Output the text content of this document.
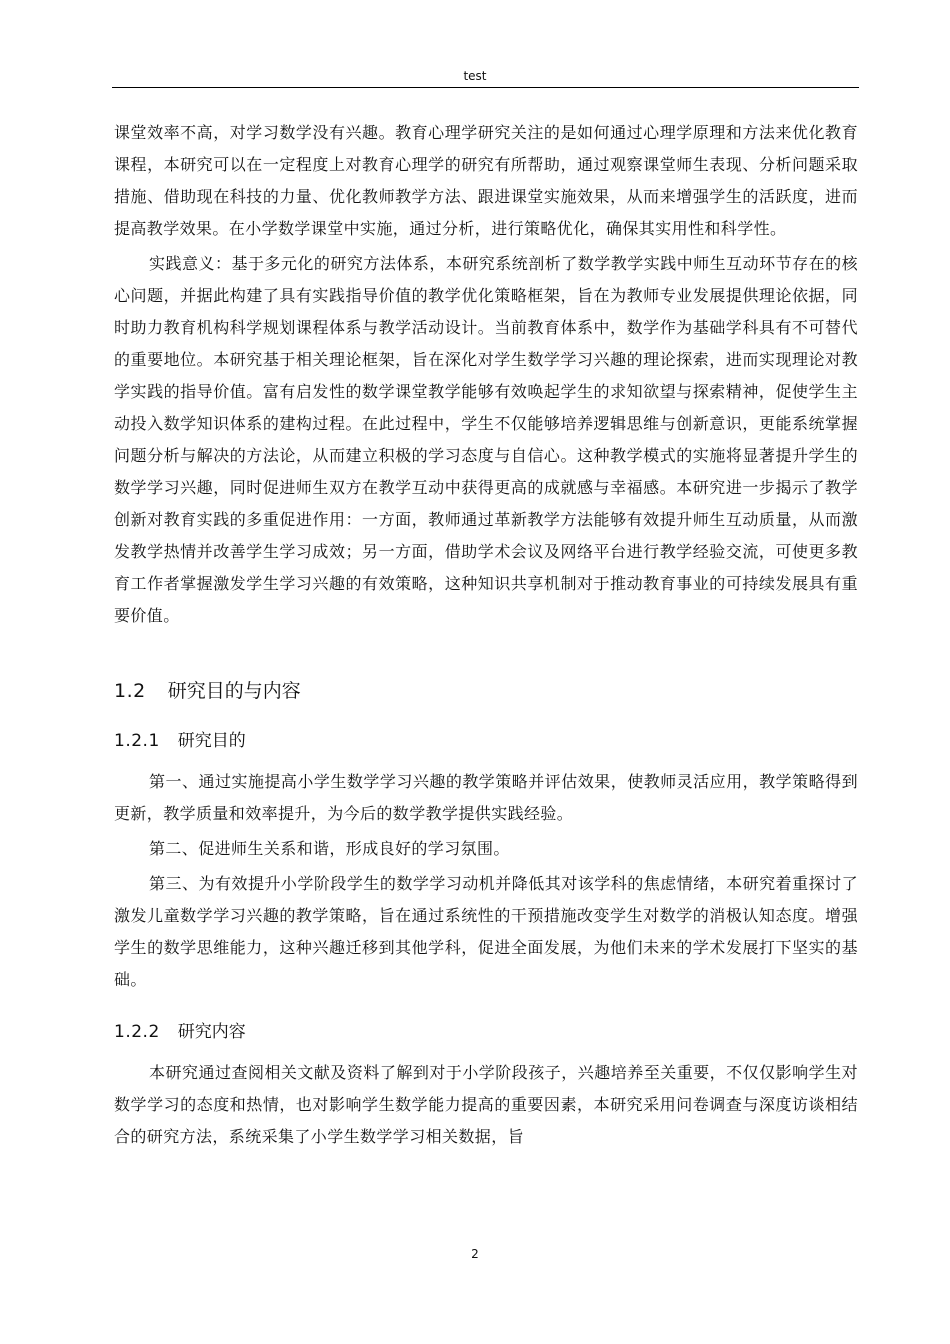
test

课堂效率不高，对学习数学没有兴趣。教育心理学研究关注的是如何通过心理学原理和方法来优化教育课程，本研究可以在一定程度上对教育心理学的研究有所帮助，通过观察课堂师生表现、分析问题采取措施、借助现在科技的力量、优化教师教学方法、跟进课堂实施效果，从而来增强学生的活跃度，进而提高教学效果。在小学数学课堂中实施，通过分析，进行策略优化，确保其实用性和科学性。

实践意义：基于多元化的研究方法体系，本研究系统剖析了数学教学实践中师生互动环节存在的核心问题，并据此构建了具有实践指导价值的教学优化策略框架，旨在为教师专业发展提供理论依据，同时助力教育机构科学规划课程体系与教学活动设计。当前教育体系中，数学作为基础学科具有不可替代的重要地位。本研究基于相关理论框架，旨在深化对学生数学学习兴趣的理论探索，进而实现理论对教学实践的指导价值。富有启发性的数学课堂教学能够有效唤起学生的求知欲望与探索精神，促使学生主动投入数学知识体系的建构过程。在此过程中，学生不仅能够培养逻辑思维与创新意识，更能系统掌握问题分析与解决的方法论，从而建立积极的学习态度与自信心。这种教学模式的实施将显著提升学生的数学学习兴趣，同时促进师生双方在教学互动中获得更高的成就感与幸福感。本研究进一步揭示了教学创新对教育实践的多重促进作用：一方面，教师通过革新教学方法能够有效提升师生互动质量，从而激发教学热情并改善学生学习成效；另一方面，借助学术会议及网络平台进行教学经验交流，可使更多教育工作者掌握激发学生学习兴趣的有效策略，这种知识共享机制对于推动教育事业的可持续发展具有重要价值。

1.2 研究目的与内容
1.2.1 研究目的

第一、通过实施提高小学生数学学习兴趣的教学策略并评估效果，使教师灵活应用，教学策略得到更新，教学质量和效率提升，为今后的数学教学提供实践经验。

第二、促进师生关系和谐，形成良好的学习氛围。

第三、为有效提升小学阶段学生的数学学习动机并降低其对该学科的焦虑情绪，本研究着重探讨了激发儿童数学学习兴趣的教学策略，旨在通过系统性的干预措施改变学生对数学的消极认知态度。增强学生的数学思维能力，这种兴趣迁移到其他学科，促进全面发展，为他们未来的学术发展打下坚实的基础。

1.2.2 研究内容

本研究通过查阅相关文献及资料了解到对于小学阶段孩子，兴趣培养至关重要，不仅仅影响学生对数学学习的态度和热情，也对影响学生数学能力提高的重要因素，本研究采用问卷调查与深度访谈相结合的研究方法，系统采集了小学生数学学习相关数据，旨

2
